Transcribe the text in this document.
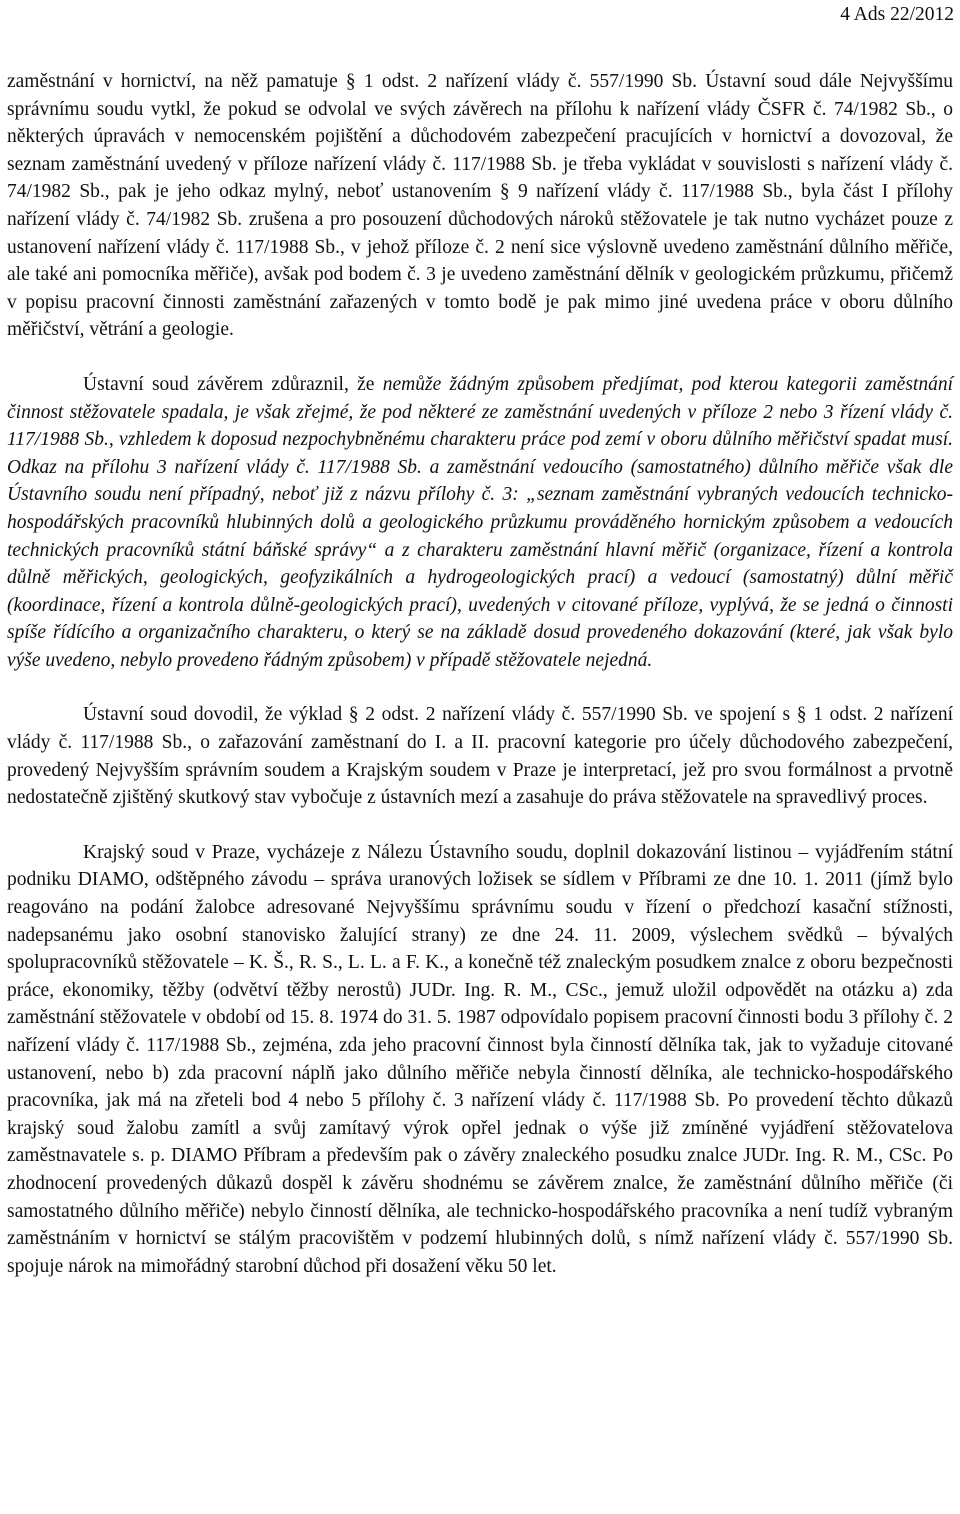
4 Ads 22/2012

zaměstnání v hornictví, na něž pamatuje § 1 odst. 2 nařízení vlády č. 557/1990 Sb. Ústavní soud dále Nejvyššímu správnímu soudu vytkl, že pokud se odvolal ve svých závěrech na přílohu k nařízení vlády ČSFR č. 74/1982 Sb., o některých úpravách v nemocenském pojištění a důchodovém zabezpečení pracujících v hornictví a dovozoval, že seznam zaměstnání uvedený v příloze nařízení vlády č. 117/1988 Sb. je třeba vykládat v souvislosti s nařízení vlády č. 74/1982 Sb., pak je jeho odkaz mylný, neboť ustanovením § 9 nařízení vlády č. 117/1988 Sb., byla část I přílohy nařízení vlády č. 74/1982 Sb. zrušena a pro posouzení důchodových nároků stěžovatele je tak nutno vycházet pouze z ustanovení nařízení vlády č. 117/1988 Sb., v jehož příloze č. 2 není sice výslovně uvedeno zaměstnání důlního měřiče, ale také ani pomocníka měřiče), avšak pod bodem č. 3 je uvedeno zaměstnání dělník v geologickém průzkumu, přičemž v popisu pracovní činnosti zaměstnání zařazených v tomto bodě je pak mimo jiné uvedena práce v oboru důlního měřičství, větrání a geologie.

Ústavní soud závěrem zdůraznil, že nemůže žádným způsobem předjímat, pod kterou kategorii zaměstnání činnost stěžovatele spadala, je však zřejmé, že pod některé ze zaměstnání uvedených v příloze 2 nebo 3 řízení vlády č. 117/1988 Sb., vzhledem k doposud nezpochybněnému charakteru práce pod zemí v oboru důlního měřičství spadat musí. Odkaz na přílohu 3 nařízení vlády č. 117/1988 Sb. a zaměstnání vedoucího (samostatného) důlního měřiče však dle Ústavního soudu není případný, neboť již z názvu přílohy č. 3: „seznam zaměstnání vybraných vedoucích technicko-hospodářských pracovníků hlubinných dolů a geologického průzkumu prováděného hornickým způsobem a vedoucích technických pracovníků státní báňské správy“ a z charakteru zaměstnání hlavní měřič (organizace, řízení a kontrola důlně měřických, geologických, geofyzikálních a hydrogeologických prací) a vedoucí (samostatný) důlní měřič (koordinace, řízení a kontrola důlně-geologických prací), uvedených v citované příloze, vyplývá, že se jedná o činnosti spíše řídícího a organizačního charakteru, o který se na základě dosud provedeného dokazování (které, jak však bylo výše uvedeno, nebylo provedeno řádným způsobem) v případě stěžovatele nejedná.

Ústavní soud dovodil, že výklad § 2 odst. 2 nařízení vlády č. 557/1990 Sb. ve spojení s § 1 odst. 2 nařízení vlády č. 117/1988 Sb., o zařazování zaměstnaní do I. a II. pracovní kategorie pro účely důchodového zabezpečení, provedený Nejvyšším správním soudem a Krajským soudem v Praze je interpretací, jež pro svou formálnost a prvotně nedostatečně zjištěný skutkový stav vybočuje z ústavních mezí a zasahuje do práva stěžovatele na spravedlivý proces.

Krajský soud v Praze, vycházeje z Nálezu Ústavního soudu, doplnil dokazování listinou – vyjádřením státní podniku DIAMO, odštěpného závodu – správa uranových ložisek se sídlem v Příbrami ze dne 10. 1. 2011 (jímž bylo reagováno na podání žalobce adresované Nejvyššímu správnímu soudu v řízení o předchozí kasační stížnosti, nadepsanému jako osobní stanovisko žalující strany) ze dne 24. 11. 2009, výslechem svědků – bývalých spolupracovníků stěžovatele – K. Š., R. S., L. L. a F. K., a konečně též znaleckým posudkem znalce z oboru bezpečnosti práce, ekonomiky, těžby (odvětví těžby nerostů) JUDr. Ing. R. M., CSc., jemuž uložil odpovědět na otázku a) zda zaměstnání stěžovatele v období od 15. 8. 1974 do 31. 5. 1987 odpovídalo popisem pracovní činnosti bodu 3 přílohy č. 2 nařízení vlády č. 117/1988 Sb., zejména, zda jeho pracovní činnost byla činností dělníka tak, jak to vyžaduje citované ustanovení, nebo b) zda pracovní náplň jako důlního měřiče nebyla činností dělníka, ale technicko-hospodářského pracovníka, jak má na zřeteli bod 4 nebo 5 přílohy č. 3 nařízení vlády č. 117/1988 Sb. Po provedení těchto důkazů krajský soud žalobu zamítl a svůj zamítavý výrok opřel jednak o výše již zmíněné vyjádření stěžovatelova zaměstnavatele s. p. DIAMO Příbram a především pak o závěry znaleckého posudku znalce JUDr. Ing. R. M., CSc. Po zhodnocení provedených důkazů dospěl k závěru shodnému se závěrem znalce, že zaměstnání důlního měřiče (či samostatného důlního měřiče) nebylo činností dělníka, ale technicko-hospodářského pracovníka a není tudíž vybraným zaměstnáním v hornictví se stálým pracovištěm v podzemí hlubinných dolů, s nímž nařízení vlády č. 557/1990 Sb. spojuje nárok na mimořádný starobní důchod při dosažení věku 50 let.
